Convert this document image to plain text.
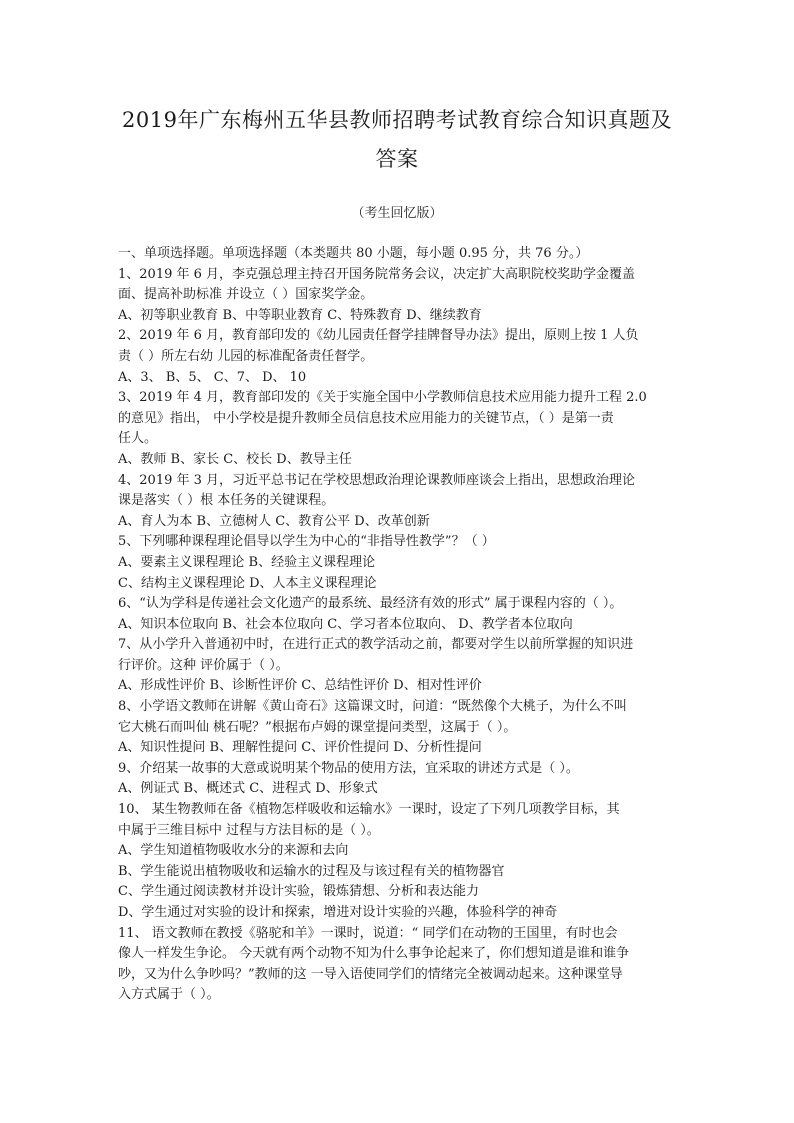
2019年广东梅州五华县教师招聘考试教育综合知识真题及
答案

（考生回忆版）

一、单项选择题。单项选择题（本类题共 80 小题，每小题 0.95 分，共 76 分。）

1、2019 年 6 月，李克强总理主持召开国务院常务会议，决定扩大高职院校奖助学金覆盖

面、提高补助标准 并设立（ ）国家奖学金。

A、初等职业教育 B、中等职业教育 C、特殊教育 D、继续教育

2、2019 年 6 月，教育部印发的《幼儿园责任督学挂牌督导办法》提出，原则上按 1 人负

责（ ）所左右幼 儿园的标准配备责任督学。

A、3、 B、5、 C、7、 D、 10

3、2019 年 4 月，教育部印发的《关于实施全国中小学教师信息技术应用能力提升工程 2.0

的意见》指出， 中小学校是提升教师全员信息技术应用能力的关键节点，（ ）是第一责

任人。

A、教师 B、家长 C、校长 D、教导主任

4、2019 年 3 月，习近平总书记在学校思想政治理论课教师座谈会上指出，思想政治理论

课是落实（ ）根 本任务的关键课程。

A、育人为本 B、立德树人 C、教育公平 D、改革创新

5、下列哪种课程理论倡导以学生为中心的“非指导性教学”？（ ）

A、要素主义课程理论 B、经验主义课程理论

C、结构主义课程理论 D、人本主义课程理论

6、“认为学科是传递社会文化遗产的最系统、最经济有效的形式” 属于课程内容的（ ）。

A、知识本位取向 B、社会本位取向 C、学习者本位取向、 D、教学者本位取向

7、从小学升入普通初中时，在进行正式的教学活动之前，都要对学生以前所掌握的知识进

行评价。这种 评价属于（ ）。

A、形成性评价 B、诊断性评价 C、总结性评价 D、相对性评价

8、小学语文教师在讲解《黄山奇石》这篇课文时，问道：“既然像个大桃子，为什么不叫

它大桃石而叫仙 桃石呢？”根据布卢姆的课堂提问类型，这属于（ ）。

A、知识性提问 B、理解性提问 C、评价性提问 D、分析性提问

9、介绍某一故事的大意或说明某个物品的使用方法，宜采取的讲述方式是（ ）。

A、例证式 B、概述式 C、进程式 D、形象式

10、 某生物教师在备《植物怎样吸收和运输水》一课时，设定了下列几项教学目标，其

中属于三维目标中 过程与方法目标的是（ ）。

A、学生知道植物吸收水分的来源和去向

B、学生能说出植物吸收和运输水的过程及与该过程有关的植物器官

C、学生通过阅读教材并设计实验，锻炼猜想、分析和表达能力

D、学生通过对实验的设计和探索，增进对设计实验的兴趣，体验科学的神奇

11、 语文教师在教授《骆驼和羊》一课时，说道：“ 同学们在动物的王国里，有时也会

像人一样发生争论。 今天就有两个动物不知为什么事争论起来了，你们想知道是谁和谁争

吵，又为什么争吵吗？”教师的这 一导入语使同学们的情绪完全被调动起来。这种课堂导

入方式属于（ ）。
